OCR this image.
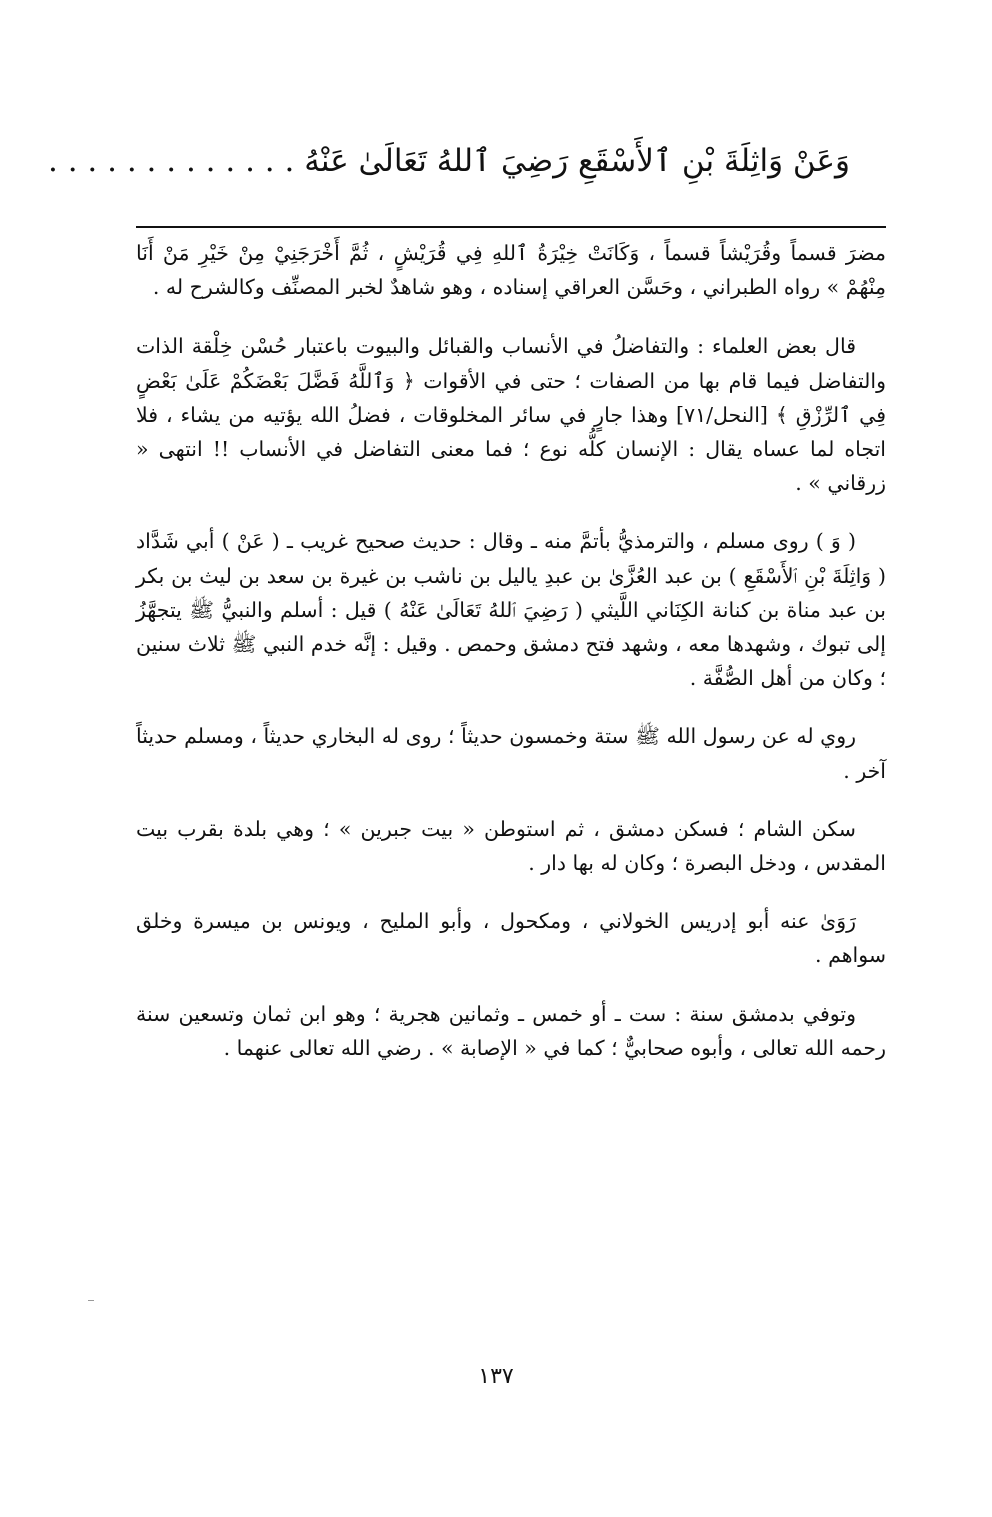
وَعَنْ وَاثِلَةَ بْنِ ٱلأَسْقَعِ رَضِيَ ٱللهُ تَعَالَىٰ عَنْهُ . . . . . . . . . . . . .

مضرَ قسماً وقُرَيْشاً قسماً ، وَكَانَتْ خِيْرَةُ ٱللهِ فِي قُرَيْشٍ ، ثُمَّ أَخْرَجَنِيْ مِنْ خَيْرِ مَنْ أَنَا مِنْهُمْ » رواه الطبراني ، وحَسَّن العراقي إسناده ، وهو شاهدٌ لخبر المصنِّف وكالشرح له .

قال بعض العلماء : والتفاضلُ في الأنساب والقبائل والبيوت باعتبار حُسْن خِلْقة الذات والتفاضل فيما قام بها من الصفات ؛ حتى في الأقوات ﴿ وَٱللَّهُ فَضَّلَ بَعْضَكُمْ عَلَىٰ بَعْضٍ فِي ٱلرِّزْقِ ﴾ [النحل/٧١] وهذا جارٍ في سائر المخلوقات ، فضلُ الله يؤتيه من يشاء ، فلا اتجاه لما عساه يقال : الإنسان كلُّه نوع ؛ فما معنى التفاضل في الأنساب !! انتهى « زرقاني » .

( وَ ) روى مسلم ، والترمذيُّ بأتمَّ منه ـ وقال : حديث صحيح غريب ـ ( عَنْ ) أبي شَدَّاد ( وَاثِلَةَ بْنِ ٱلأَسْقَعِ ) بن عبد العُزَّىٰ بن عبدِ ياليل بن ناشب بن غيرة بن سعد بن ليث بن بكر بن عبد مناة بن كنانة الكِنَاني اللَّيثي ( رَضِيَ ٱللهُ تَعَالَىٰ عَنْهُ ) قيل : أسلم والنبيُّ ﷺ يتجهَّزُ إلى تبوك ، وشهدها معه ، وشهد فتح دمشق وحمص . وقيل : إنَّه خدم النبي ﷺ ثلاث سنين ؛ وكان من أهل الصُّفَّة .

روي له عن رسول الله ﷺ ستة وخمسون حديثاً ؛ روى له البخاري حديثاً ، ومسلم حديثاً آخر .

سكن الشام ؛ فسكن دمشق ، ثم استوطن « بيت جبرين » ؛ وهي بلدة بقرب بيت المقدس ، ودخل البصرة ؛ وكان له بها دار .

رَوَىٰ عنه أبو إدريس الخولاني ، ومكحول ، وأبو المليح ، ويونس بن ميسرة وخلق سواهم .

وتوفي بدمشق سنة : ست ـ أو خمس ـ وثمانين هجرية ؛ وهو ابن ثمان وتسعين سنة رحمه الله تعالى ، وأبوه صحابيٌّ ؛ كما في « الإصابة » . رضي الله تعالى عنهما .

١٣٧
